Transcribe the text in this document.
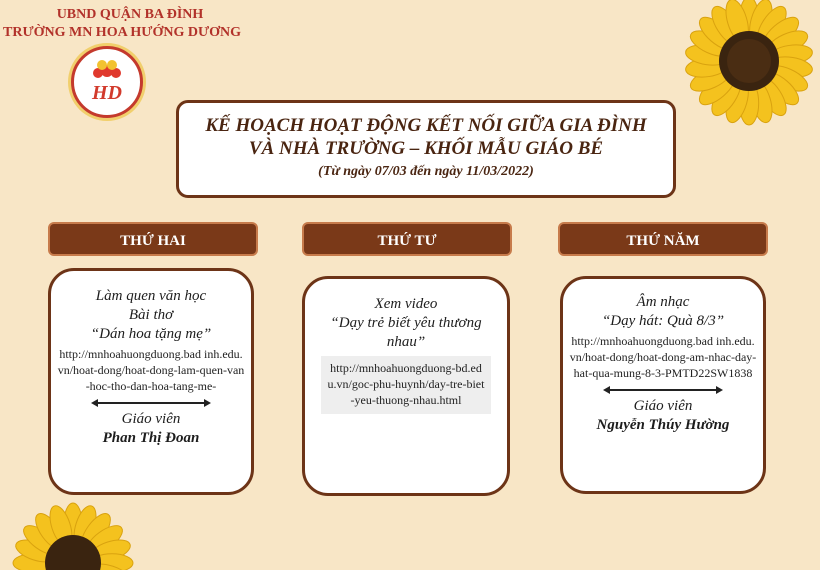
UBND QUẬN BA ĐÌNH
TRƯỜNG MN HOA HƯỚNG DƯƠNG
HD
KẾ HOẠCH HOẠT ĐỘNG KẾT NỐI GIỮA GIA ĐÌNH
VÀ NHÀ TRƯỜNG – KHỐI MẪU GIÁO BÉ
(Từ ngày 07/03 đến ngày 11/03/2022)
THỨ HAI	THỨ TƯ	THỨ NĂM
Làm quen văn học
Bài thơ
“Dán hoa tặng mẹ”
http://mnhoahuongduong.bad inh.edu.vn/hoat-dong/hoat-dong-lam-quen-van-hoc-tho-dan-hoa-tang-me-
Giáo viên
Phan Thị Đoan
Xem video
“Dạy trẻ biết yêu thương nhau”
http://mnhoahuongduong-bd.edu.vn/goc-phu-huynh/day-tre-biet-yeu-thuong-nhau.html
Âm nhạc
“Dạy hát: Quà 8/3”
http://mnhoahuongduong.bad inh.edu.vn/hoat-dong/hoat-dong-am-nhac-day-hat-qua-mung-8-3-PMTD22SW1838
Giáo viên
Nguyễn Thúy Hường
